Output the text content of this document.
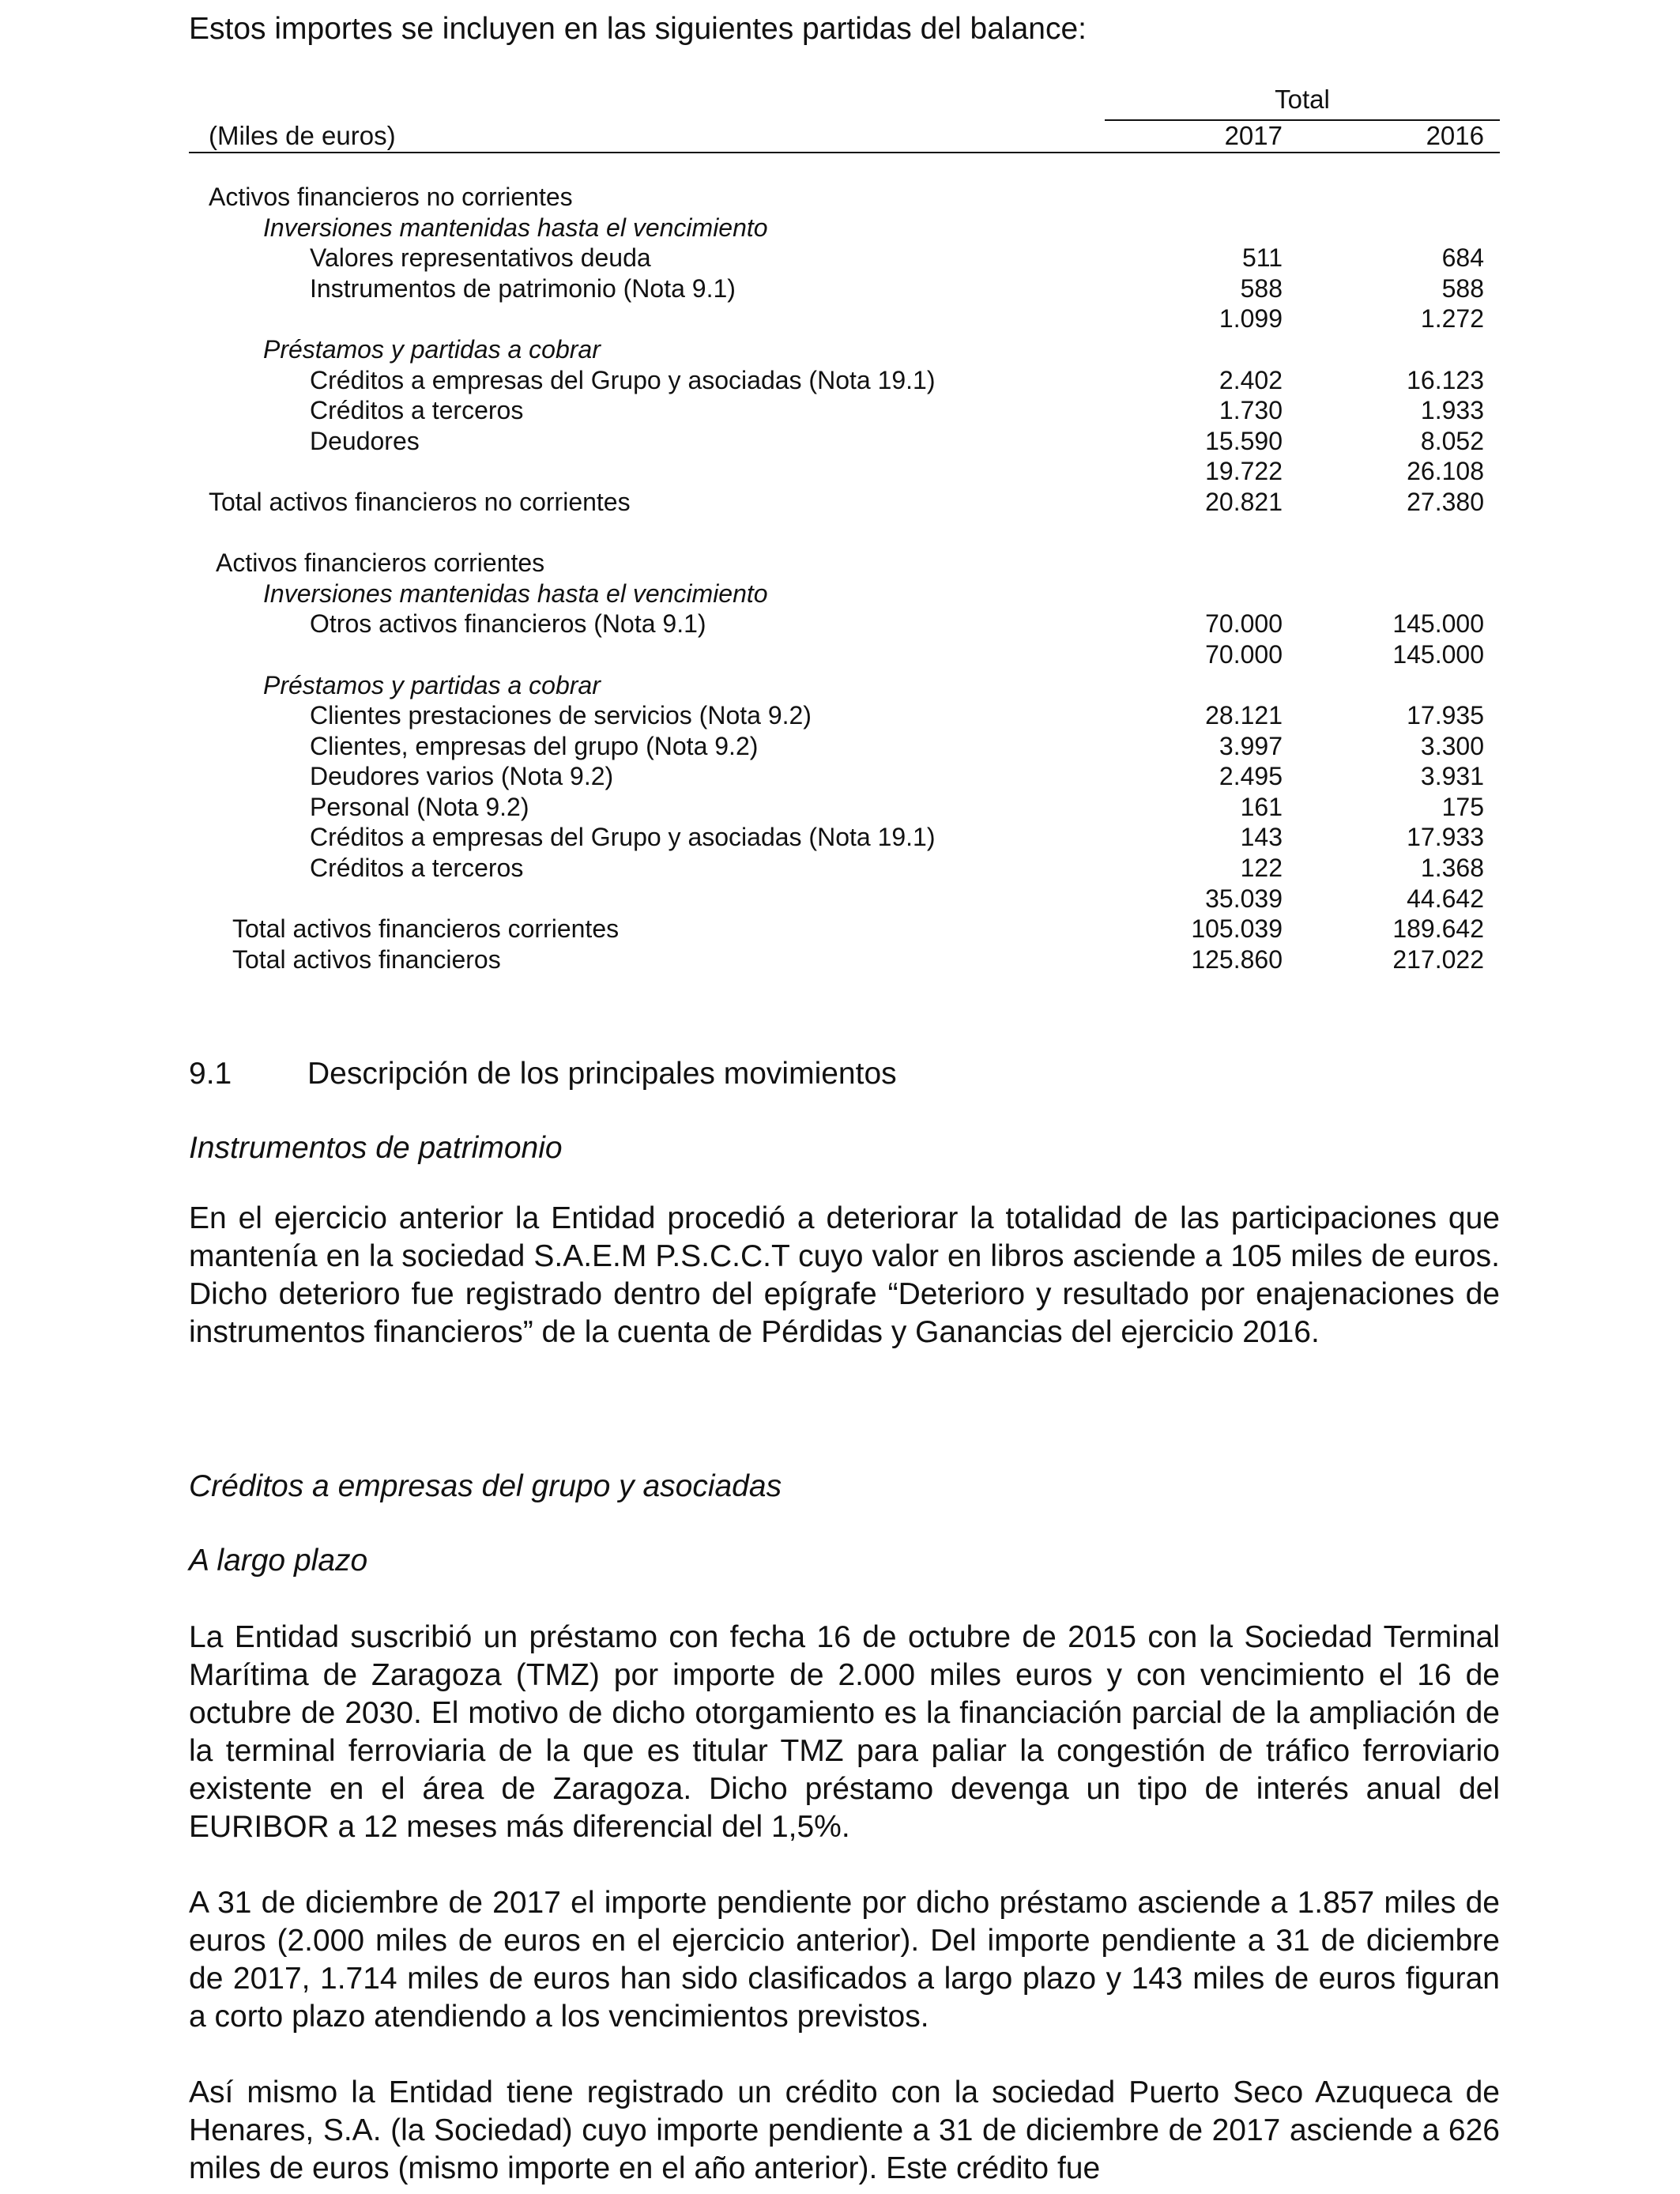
Estos importes se incluyen en las siguientes partidas del balance:

Total
(Miles de euros)	2017	2016
Activos financieros no corrientes
Inversiones mantenidas hasta el vencimiento
Valores representativos deuda	511	684
Instrumentos de patrimonio (Nota 9.1)	588	588
1.099	1.272
Préstamos y partidas a cobrar
Créditos a empresas del Grupo y asociadas (Nota 19.1)	2.402	16.123
Créditos a terceros	1.730	1.933
Deudores	15.590	8.052
19.722	26.108
Total activos financieros no corrientes	20.821	27.380
Activos financieros corrientes
Inversiones mantenidas hasta el vencimiento
Otros activos financieros (Nota 9.1)	70.000	145.000
70.000	145.000
Préstamos y partidas a cobrar
Clientes prestaciones de servicios (Nota 9.2)	28.121	17.935
Clientes, empresas del grupo (Nota 9.2)	3.997	3.300
Deudores varios (Nota 9.2)	2.495	3.931
Personal (Nota 9.2)	161	175
Créditos a empresas del Grupo y asociadas (Nota 19.1)	143	17.933
Créditos a terceros	122	1.368
35.039	44.642
Total activos financieros corrientes	105.039	189.642
Total activos financieros	125.860	217.022

9.1 Descripción de los principales movimientos

Instrumentos de patrimonio

En el ejercicio anterior la Entidad procedió a deteriorar la totalidad de las participaciones que mantenía en la sociedad S.A.E.M P.S.C.C.T cuyo valor en libros asciende a 105 miles de euros. Dicho deterioro fue registrado dentro del epígrafe “Deterioro y resultado por enajenaciones de instrumentos financieros” de la cuenta de Pérdidas y Ganancias del ejercicio 2016.

Créditos a empresas del grupo y asociadas

A largo plazo

La Entidad suscribió un préstamo con fecha 16 de octubre de 2015 con la Sociedad Terminal Marítima de Zaragoza (TMZ) por importe de 2.000 miles euros y con vencimiento el 16 de octubre de 2030. El motivo de dicho otorgamiento es la financiación parcial de la ampliación de la terminal ferroviaria de la que es titular TMZ para paliar la congestión de tráfico ferroviario existente en el área de Zaragoza. Dicho préstamo devenga un tipo de interés anual del EURIBOR a 12 meses más diferencial del 1,5%.

A 31 de diciembre de 2017 el importe pendiente por dicho préstamo asciende a 1.857 miles de euros (2.000 miles de euros en el ejercicio anterior). Del importe pendiente a 31 de diciembre de 2017, 1.714 miles de euros han sido clasificados a largo plazo y 143 miles de euros figuran a corto plazo atendiendo a los vencimientos previstos.

Así mismo la Entidad tiene registrado un crédito con la sociedad Puerto Seco Azuqueca de Henares, S.A. (la Sociedad) cuyo importe pendiente a 31 de diciembre de 2017 asciende a 626 miles de euros (mismo importe en el año anterior). Este crédito fue
